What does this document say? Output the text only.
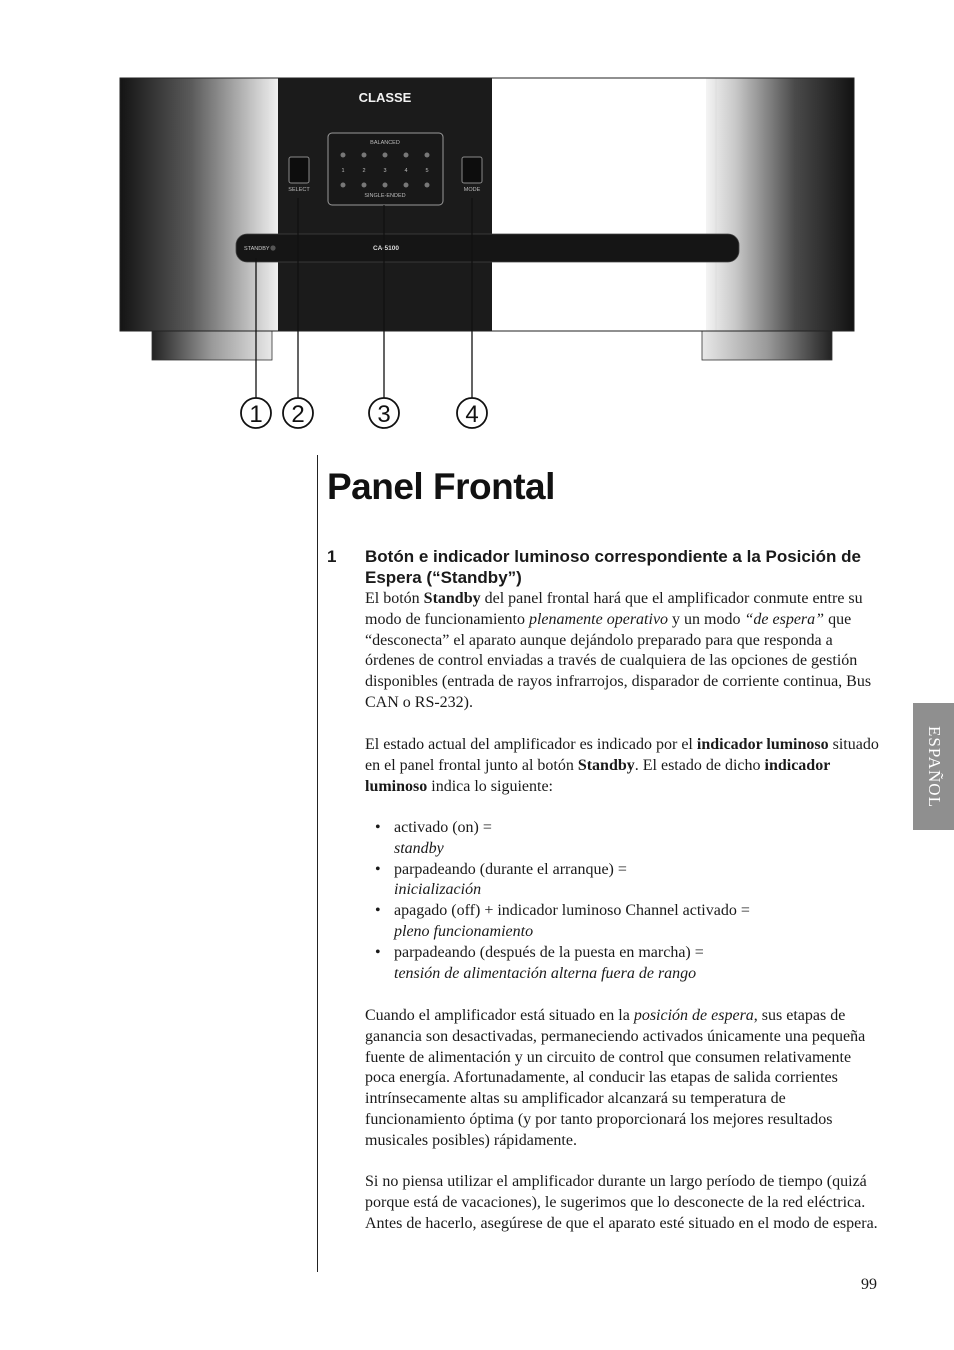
CLASSE
BALANCED
SINGLE-ENDED
1	2	3	4	5
SELECT	MODE
STANDBY	CA-5100
1 2	3	4
Panel Frontal
1 Botón e indicador luminoso correspondiente a la Posición de Espera (“Standby”)
El botón Standby del panel frontal hará que el amplificador conmute entre su modo de funcionamiento plenamente operativo y un modo “de espera” que “desconecta” el aparato aunque dejándolo preparado para que responda a órdenes de control enviadas a través de cualquiera de las opciones de gestión disponibles (entrada de rayos infrarrojos, disparador de corriente continua, Bus CAN o RS-232).
El estado actual del amplificador es indicado por el indicador luminoso situado en el panel frontal junto al botón Standby. El estado de dicho indicador luminoso indica lo siguiente:
• activado (on) =
standby
• parpadeando (durante el arranque) =
inicialización
• apagado (off) + indicador luminoso Channel activado =
pleno funcionamiento
• parpadeando (después de la puesta en marcha) =
tensión de alimentación alterna fuera de rango
Cuando el amplificador está situado en la posición de espera, sus etapas de ganancia son desactivadas, permaneciendo activados únicamente una pequeña fuente de alimentación y un circuito de control que consumen relativamente poca energía. Afortunadamente, al conducir las etapas de salida corrientes intrínsecamente altas su amplificador alcanzará su temperatura de funcionamiento óptima (y por tanto proporcionará los mejores resultados musicales posibles) rápidamente.
Si no piensa utilizar el amplificador durante un largo período de tiempo (quizá porque está de vacaciones), le sugerimos que lo desconecte de la red eléctrica. Antes de hacerlo, asegúrese de que el aparato esté situado en el modo de espera.
ESPAÑOL
99
